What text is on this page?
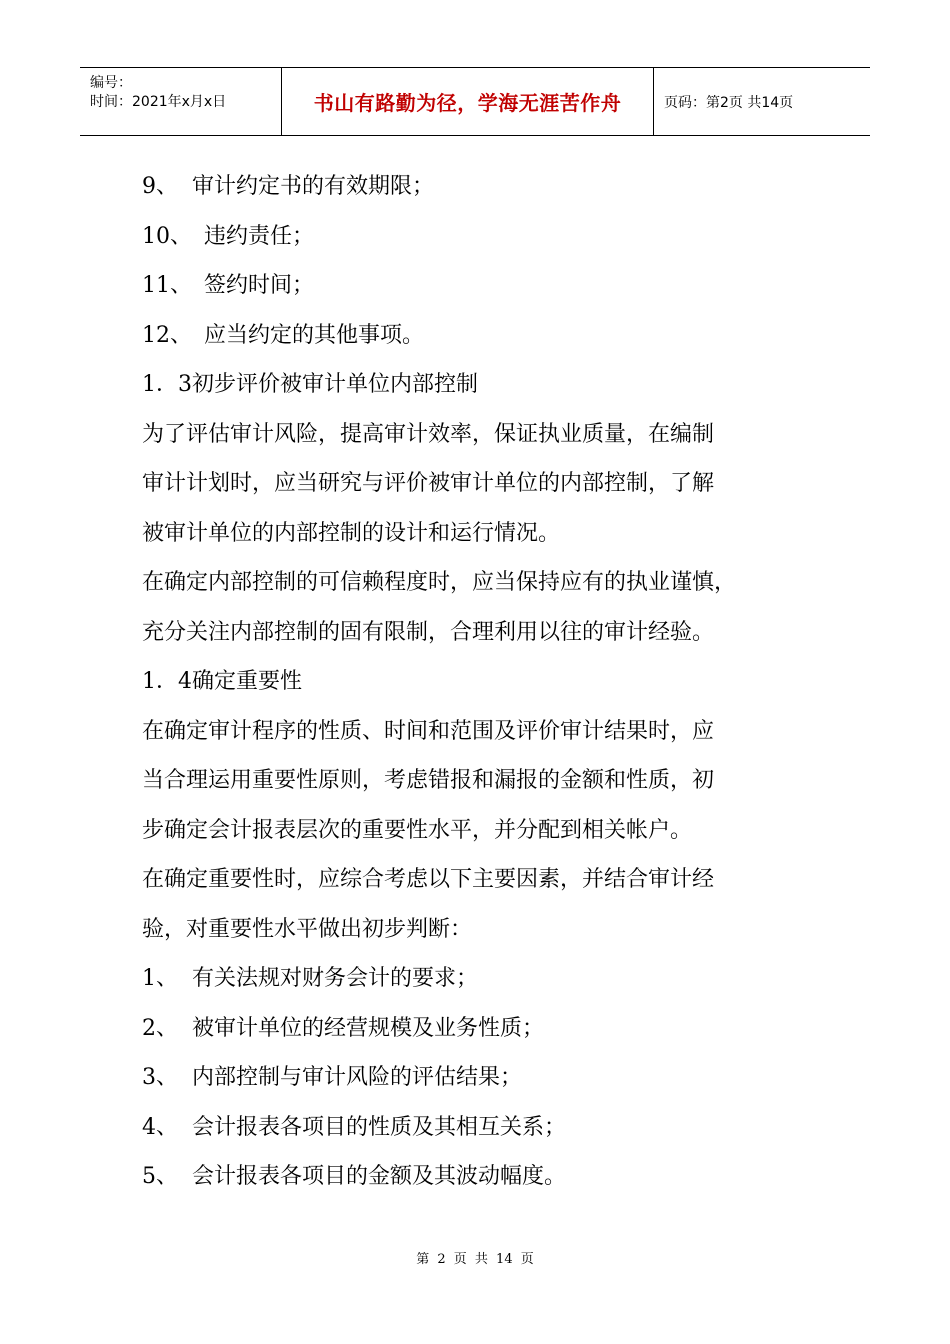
编号：
时间：2021年x月x日	书山有路勤为径，学海无涯苦作舟	页码：第2页 共14页
9、 审计约定书的有效期限；
10、 违约责任；
11、 签约时间；
12、 应当约定的其他事项。
1．3初步评价被审计单位内部控制
为了评估审计风险，提高审计效率，保证执业质量，在编制
审计计划时，应当研究与评价被审计单位的内部控制，了解
被审计单位的内部控制的设计和运行情况。
在确定内部控制的可信赖程度时，应当保持应有的执业谨慎，
充分关注内部控制的固有限制，合理利用以往的审计经验。
1．4确定重要性
在确定审计程序的性质、时间和范围及评价审计结果时，应
当合理运用重要性原则，考虑错报和漏报的金额和性质，初
步确定会计报表层次的重要性水平，并分配到相关帐户。
在确定重要性时，应综合考虑以下主要因素，并结合审计经
验，对重要性水平做出初步判断：
1、 有关法规对财务会计的要求；
2、 被审计单位的经营规模及业务性质；
3、 内部控制与审计风险的评估结果；
4、 会计报表各项目的性质及其相互关系；
5、 会计报表各项目的金额及其波动幅度。
第 2 页 共 14 页
